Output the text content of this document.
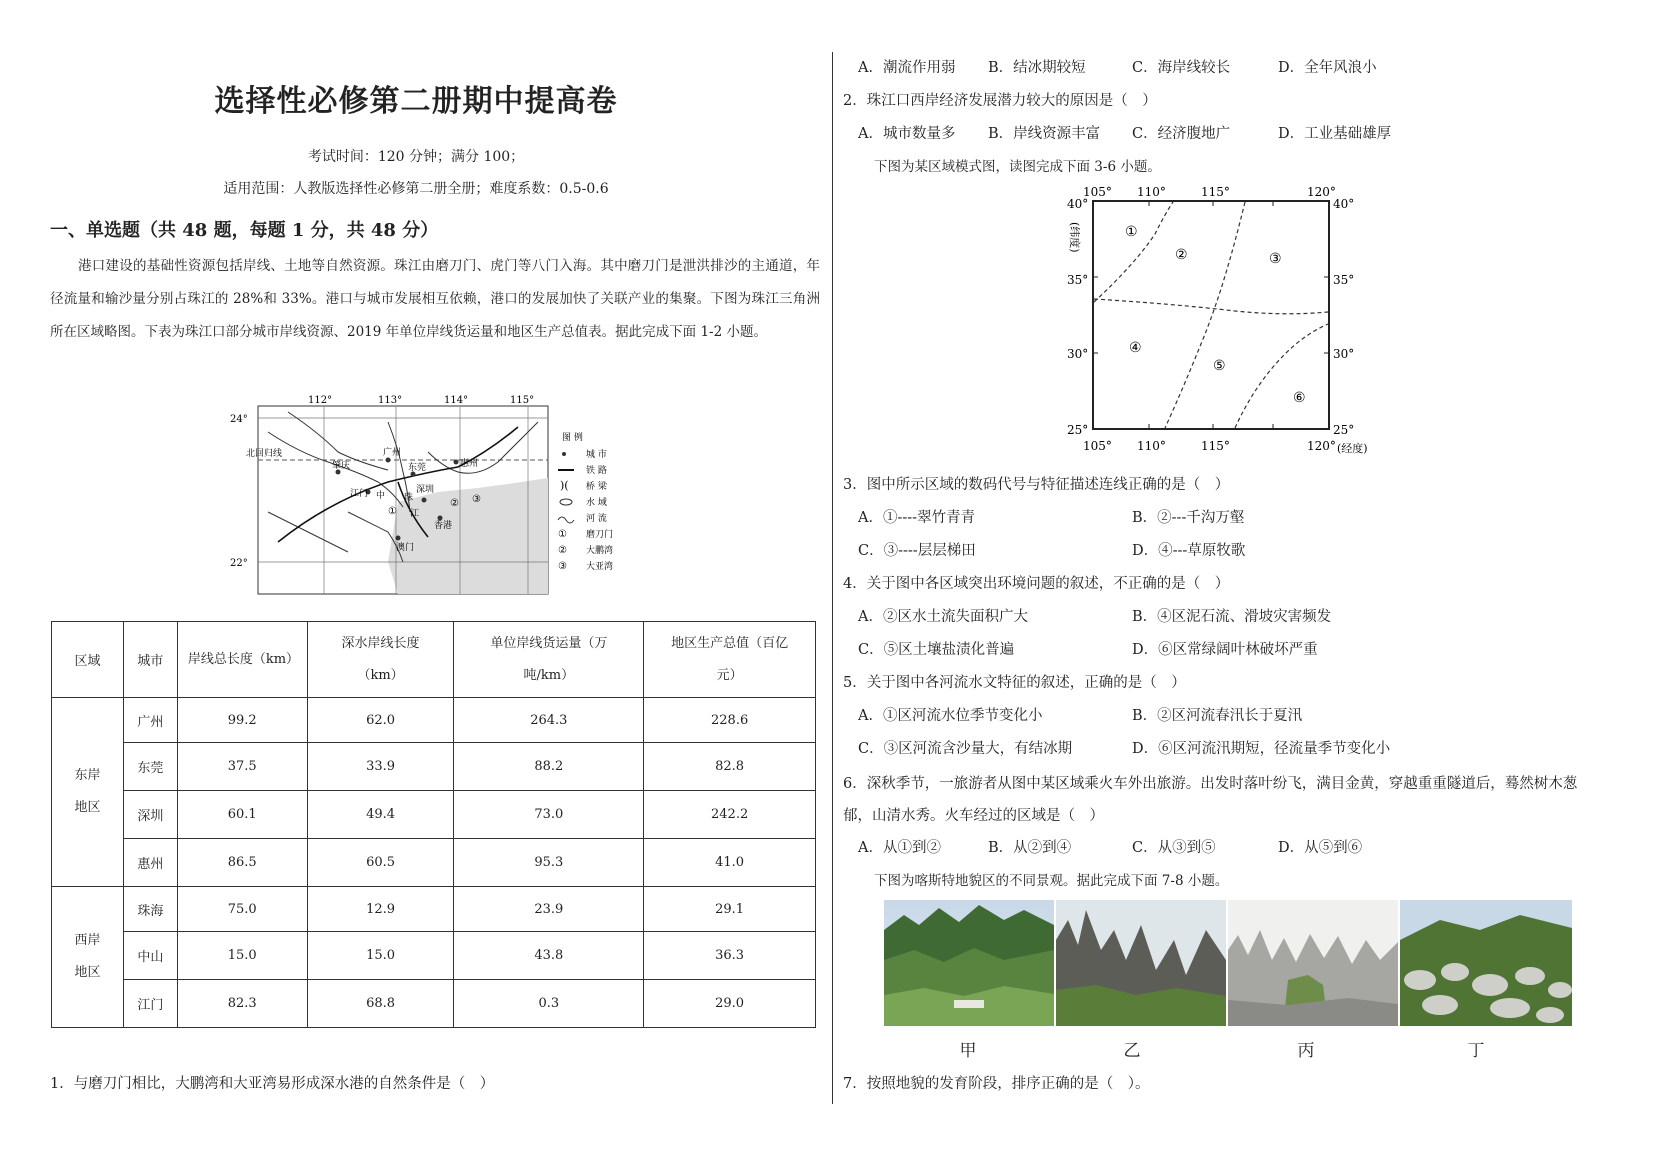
选择性必修第二册期中提高卷
考试时间：120 分钟；满分 100；
适用范围：人教版选择性必修第二册全册；难度系数：0.5-0.6
一、单选题（共 48 题，每题 1 分，共 48 分）
港口建设的基础性资源包括岸线、土地等自然资源。珠江由磨刀门、虎门等八门入海。其中磨刀门是泄洪排沙的主通道，年径流量和输沙量分别占珠江的 28%和 33%。港口与城市发展相互依赖，港口的发展加快了关联产业的集聚。下图为珠江三角洲所在区域略图。下表为珠江口部分城市岸线资源、2019 年单位岸线货运量和地区生产总值表。据此完成下面 1-2 小题。
112°	113°	114°	115°
24°
22°
北回归线	广州
东莞	惠州
肇庆
江门 中 珠
深圳
香港
澳门
江
①
② ③
图 例
城 市
铁 路
)( 桥 梁
水 域
河 流
① 磨刀门
② 大鹏湾
③ 大亚湾
区域	城市	岸线总长度（km）	深水岸线长度（km）	单位岸线货运量（万吨/km）	地区生产总值（百亿元）
东岸地区	广州	99.2	62.0	264.3	228.6
	东莞	37.5	33.9	88.2	82.8
	深圳	60.1	49.4	73.0	242.2
	惠州	86.5	60.5	95.3	41.0
西岸地区	珠海	75.0	12.9	23.9	29.1
	中山	15.0	15.0	43.8	36.3
	江门	82.3	68.8	0.3	29.0
1．与磨刀门相比，大鹏湾和大亚湾易形成深水港的自然条件是（　）
A．潮流作用弱 B．结冰期较短	C．海岸线较长	D．全年风浪小
2．珠江口西岸经济发展潜力较大的原因是（　）
A．城市数量多 B．岸线资源丰富 C．经济腹地广	D．工业基础雄厚
下图为某区域模式图，读图完成下面 3-6 小题。
①
②	③
④
⑤
⑥
105° 110°	115°	120°
105° 110°	115°	120° (经度)
40°
35°
30°
25°
40°
35°
30°
25°
(纬度)
3．图中所示区域的数码代号与特征描述连线正确的是（　）
A．①----翠竹青青	B．②---千沟万壑
C．③----层层梯田	D．④---草原牧歌
4．关于图中各区域突出环境问题的叙述，不正确的是（　）
A．②区水土流失面积广大	B．④区泥石流、滑坡灾害频发
C．⑤区土壤盐渍化普遍	D．⑥区常绿阔叶林破坏严重
5．关于图中各河流水文特征的叙述，正确的是（　）
A．①区河流水位季节变化小	B．②区河流春汛长于夏汛
C．③区河流含沙量大，有结冰期	D．⑥区河流汛期短，径流量季节变化小
6．深秋季节，一旅游者从图中某区域乘火车外出旅游。出发时落叶纷飞，满目金黄，穿越重重隧道后，蓦然树木葱郁，山清水秀。火车经过的区域是（　）
A．从①到②	B．从②到④	C．从③到⑤	D．从⑤到⑥
下图为喀斯特地貌区的不同景观。据此完成下面 7-8 小题。
甲	乙	丙	丁
7．按照地貌的发育阶段，排序正确的是（　）。
